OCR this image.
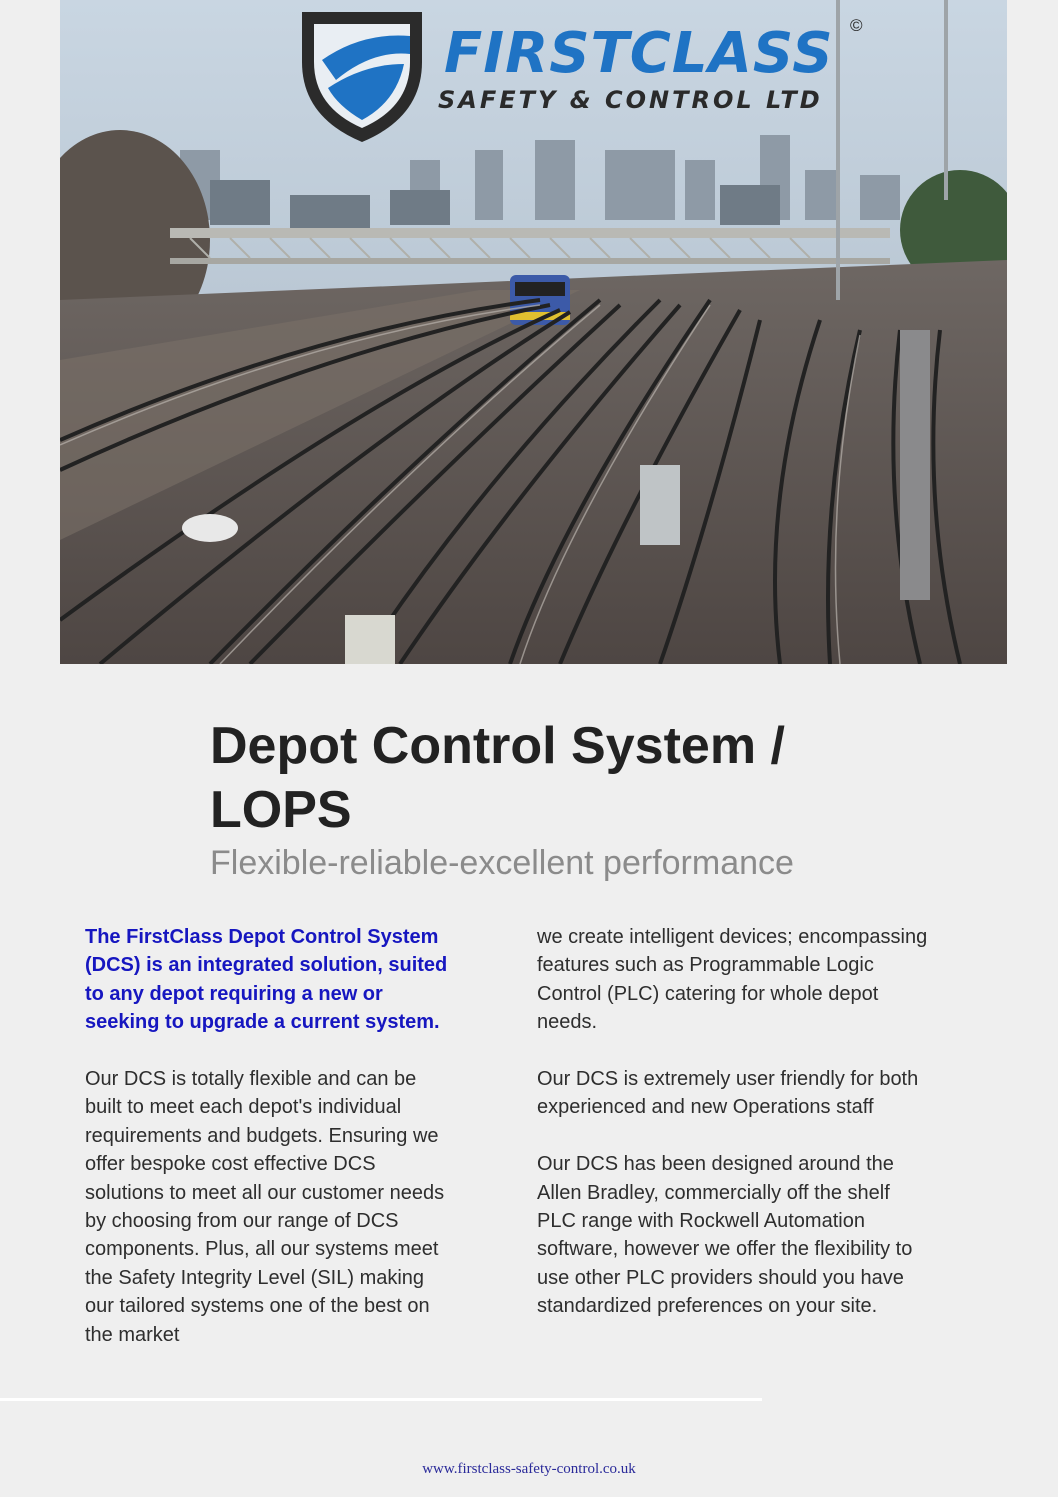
FIRSTCLASS
SAFETY & CONTROL LTD
©
Depot Control System / LOPS

Flexible-reliable-excellent performance

The FirstClass Depot Control System (DCS) is an integrated solution, suited to any depot requiring a new or seeking to upgrade a current system.

Our DCS is totally flexible and can be built to meet each depot's individual requirements and budgets. Ensuring we offer bespoke cost effective DCS solutions to meet all our customer needs by choosing from our range of DCS components. Plus, all our systems meet the Safety Integrity Level (SIL) making our tailored systems one of the best on the market

we create intelligent devices; encompassing features such as Programmable Logic Control (PLC) catering for whole depot needs.

Our DCS is extremely user friendly for both experienced and new Operations staff

Our DCS has been designed around the Allen Bradley, commercially off the shelf PLC range with Rockwell Automation software, however we offer the flexibility to use other PLC providers should you have standardized preferences on your site.

www.firstclass-safety-control.co.uk
